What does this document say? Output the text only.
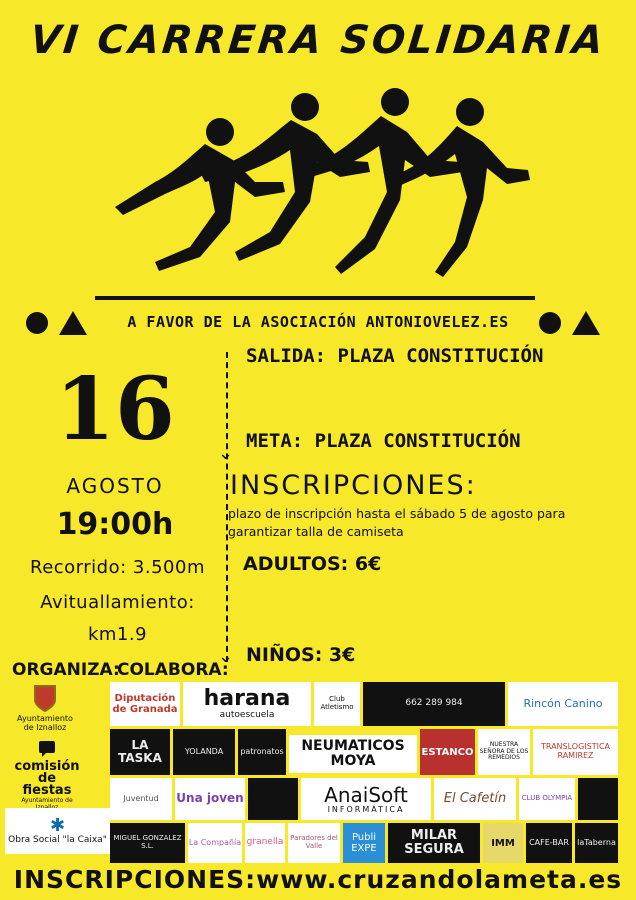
VI CARRERA SOLIDARIA
A FAVOR DE LA ASOCIACIÓN ANTONIOVELEZ.ES
⌄
⌄
SALIDA: PLAZA CONSTITUCIÓN
META: PLAZA CONSTITUCIÓN
16
AGOSTO
19:00h
Recorrido: 3.500m
Avituallamiento:
km1.9
INSCRIPCIONES:
plazo de inscripción hasta el sábado 5 de agosto para garantizar talla de camiseta
ADULTOS: 6€
NIÑOS: 3€
ORGANIZA:
COLABORA:
Ayuntamiento de Iznalloz
comisión de fiestas
Ayuntamiento de
✱
Obra Social "la Caixa"
Diputación de Granada harana
autoescuela
Club Atletismo	662 289 984	Rincón Canino
LA TASKA	YOLANDA patronatos	NEUMATICOS MOYA
ESTANCO
NUESTRA SEÑORA DE LOS REMEDIOS
TRANSLOGISTICA RAMIREZ
Juventud Una joven	AnaiSoft
INFORMÁTICA
El Cafetín CLUB OLYMPIA
MIGUEL GONZALEZ S.L.	La Compañía granella Paradores del Valle
Publi EXPE
MILAR SEGURA	IMM CAFE-BAR laTaberna
INSCRIPCIONES:www.cruzandolameta.es
